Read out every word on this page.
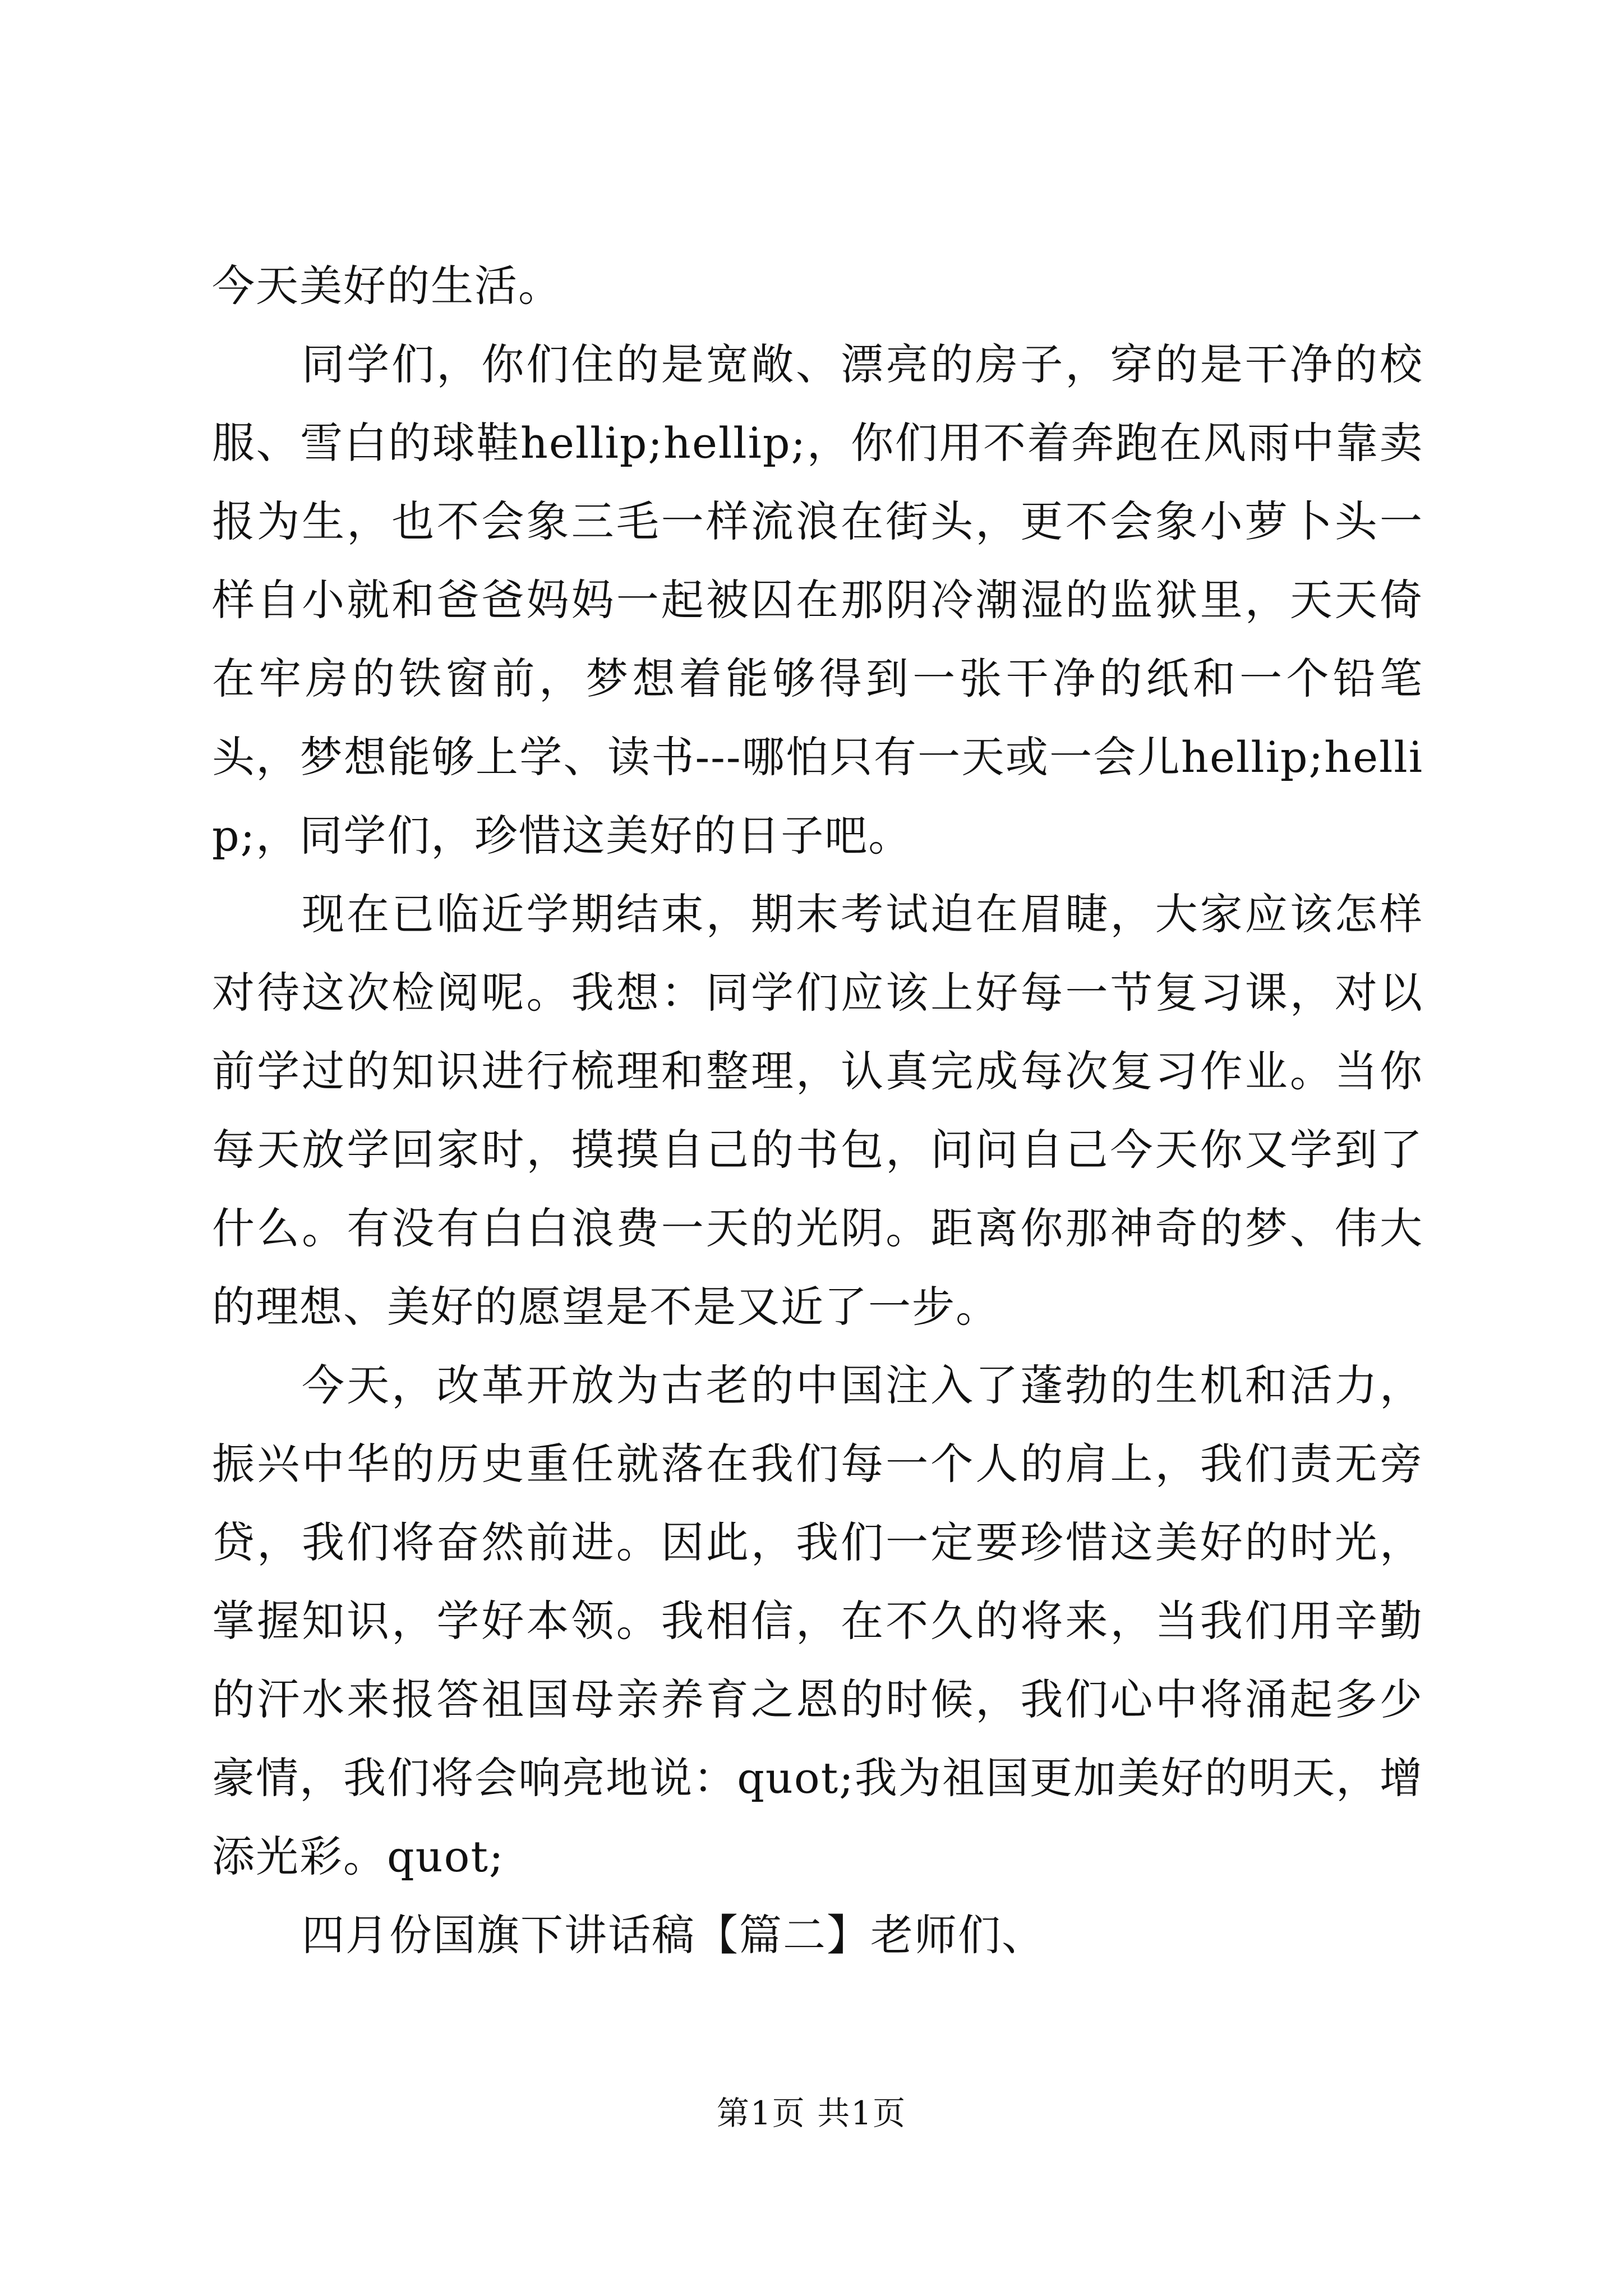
今天美好的生活。

同学们，你们住的是宽敞、漂亮的房子，穿的是干净的校服、雪白的球鞋hellip;hellip;，你们用不着奔跑在风雨中靠卖报为生，也不会象三毛一样流浪在街头，更不会象小萝卜头一样自小就和爸爸妈妈一起被囚在那阴冷潮湿的监狱里，天天倚在牢房的铁窗前，梦想着能够得到一张干净的纸和一个铅笔头，梦想能够上学、读书---哪怕只有一天或一会儿hellip;hellip;，同学们，珍惜这美好的日子吧。

现在已临近学期结束，期末考试迫在眉睫，大家应该怎样对待这次检阅呢。我想：同学们应该上好每一节复习课，对以前学过的知识进行梳理和整理，认真完成每次复习作业。当你每天放学回家时，摸摸自己的书包，问问自己今天你又学到了什么。有没有白白浪费一天的光阴。距离你那神奇的梦、伟大的理想、美好的愿望是不是又近了一步。

今天，改革开放为古老的中国注入了蓬勃的生机和活力，振兴中华的历史重任就落在我们每一个人的肩上，我们责无旁贷，我们将奋然前进。因此，我们一定要珍惜这美好的时光，掌握知识，学好本领。我相信，在不久的将来，当我们用辛勤的汗水来报答祖国母亲养育之恩的时候，我们心中将涌起多少豪情，我们将会响亮地说：quot;我为祖国更加美好的明天，增添光彩。quot;

四月份国旗下讲话稿【篇二】老师们、

第1页 共1页
